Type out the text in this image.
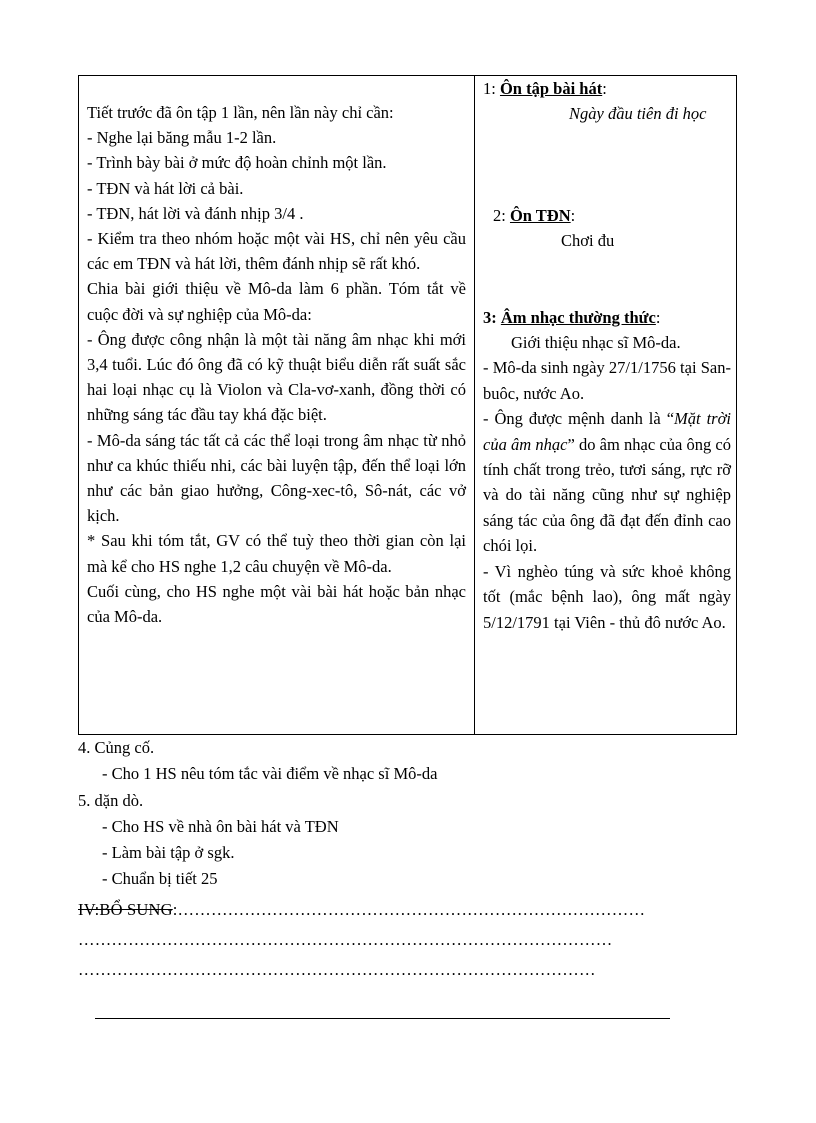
Tiết trước đã ôn tập 1 lần, nên lần này chỉ cần:

- Nghe lại băng mẫu 1-2 lần.

- Trình bày bài ở mức độ hoàn chỉnh một lần.

- TĐN và hát lời cả bài.

- TĐN, hát lời và đánh nhịp 3/4 .

- Kiểm tra theo nhóm hoặc một vài HS, chỉ nên yêu cầu các em TĐN và hát lời, thêm đánh nhịp sẽ rất khó.

Chia bài giới thiệu về Mô-da làm 6 phần. Tóm tắt về cuộc đời và sự nghiệp của Mô-da:

- Ông được công nhận là một tài năng âm nhạc khi mới 3,4 tuổi. Lúc đó ông đã có kỹ thuật biểu diễn rất suất sắc hai loại nhạc cụ là Violon và Cla-vơ-xanh, đồng thời có những sáng tác đầu tay khá đặc biệt.

- Mô-da sáng tác tất cả các thể loại trong âm nhạc từ nhỏ như ca khúc thiếu nhi, các bài luyện tập, đến thể loại lớn như các bản giao hưởng, Công-xec-tô, Sô-nát, các vở kịch.

* Sau khi tóm tắt, GV có thể tuỳ theo thời gian còn lại mà kể cho HS nghe 1,2 câu chuyện về Mô-da.

Cuối cùng, cho HS nghe một vài bài hát hoặc bản nhạc của Mô-da.

1: Ôn tập bài hát:

Ngày đầu tiên đi học

2: Ôn TĐN:

Chơi đu

3: Âm nhạc thường thức:

Giới thiệu nhạc sĩ Mô-da.

- Mô-da sinh ngày 27/1/1756 tại San-buôc, nước Ao.

- Ông được mệnh danh là “Mặt trời của âm nhạc” do âm nhạc của ông có tính chất trong trẻo, tươi sáng, rực rỡ và do tài năng cũng như sự nghiệp sáng tác của ông đã đạt đến đỉnh cao chói lọi.

- Vì nghèo túng và sức khoẻ không tốt (mắc bệnh lao), ông mất ngày 5/12/1791 tại Viên - thủ đô nước Ao.

4. Củng cố.

- Cho 1 HS nêu tóm tắc vài điểm về nhạc sĩ Mô-da

5. dặn dò.

- Cho HS về nhà ôn bài hát và TĐN

- Làm bài tập ở sgk.

- Chuẩn bị tiết 25

IV:BỔ SUNG:…………………………………………………………………………
……………………………………………………………………………………
…………………………………………………………………………………
